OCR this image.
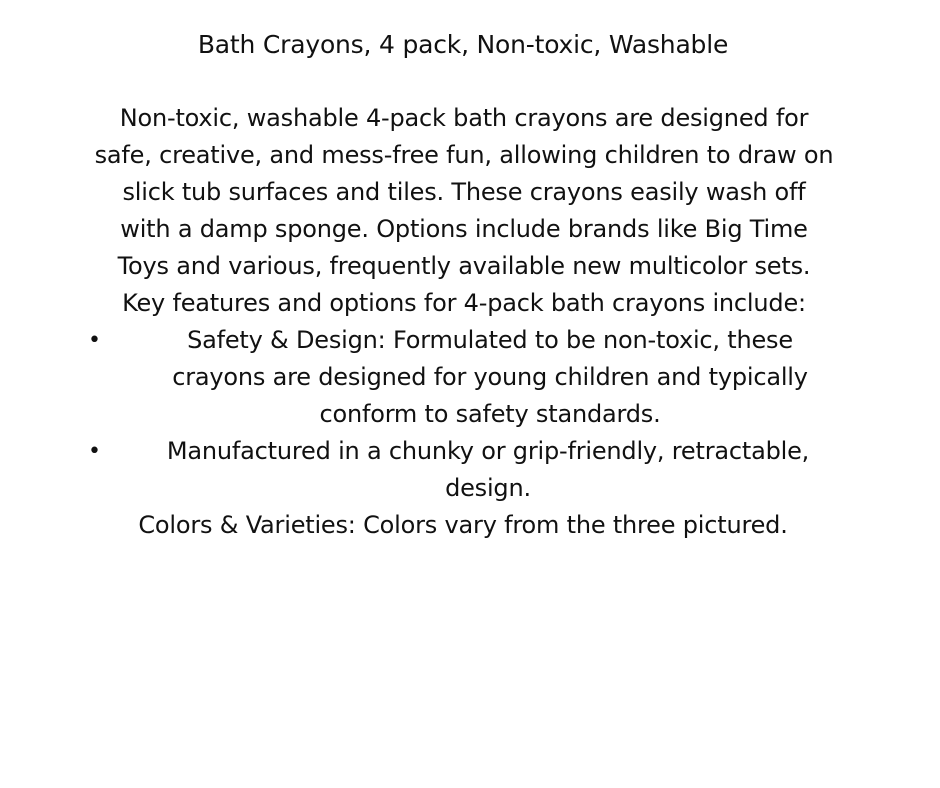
Bath Crayons, 4 pack, Non-toxic, Washable
Non-toxic, washable 4-pack bath crayons are designed for
safe, creative, and mess-free fun, allowing children to draw on
slick tub surfaces and tiles. These crayons easily wash off
with a damp sponge. Options include brands like Big Time
Toys and various, frequently available new multicolor sets.
Key features and options for 4-pack bath crayons include:
•	Safety & Design: Formulated to be non-toxic, these
crayons are designed for young children and typically
conform to safety standards.
•	Manufactured in a chunky or grip-friendly, retractable,
design.
Colors & Varieties: Colors vary from the three pictured.
